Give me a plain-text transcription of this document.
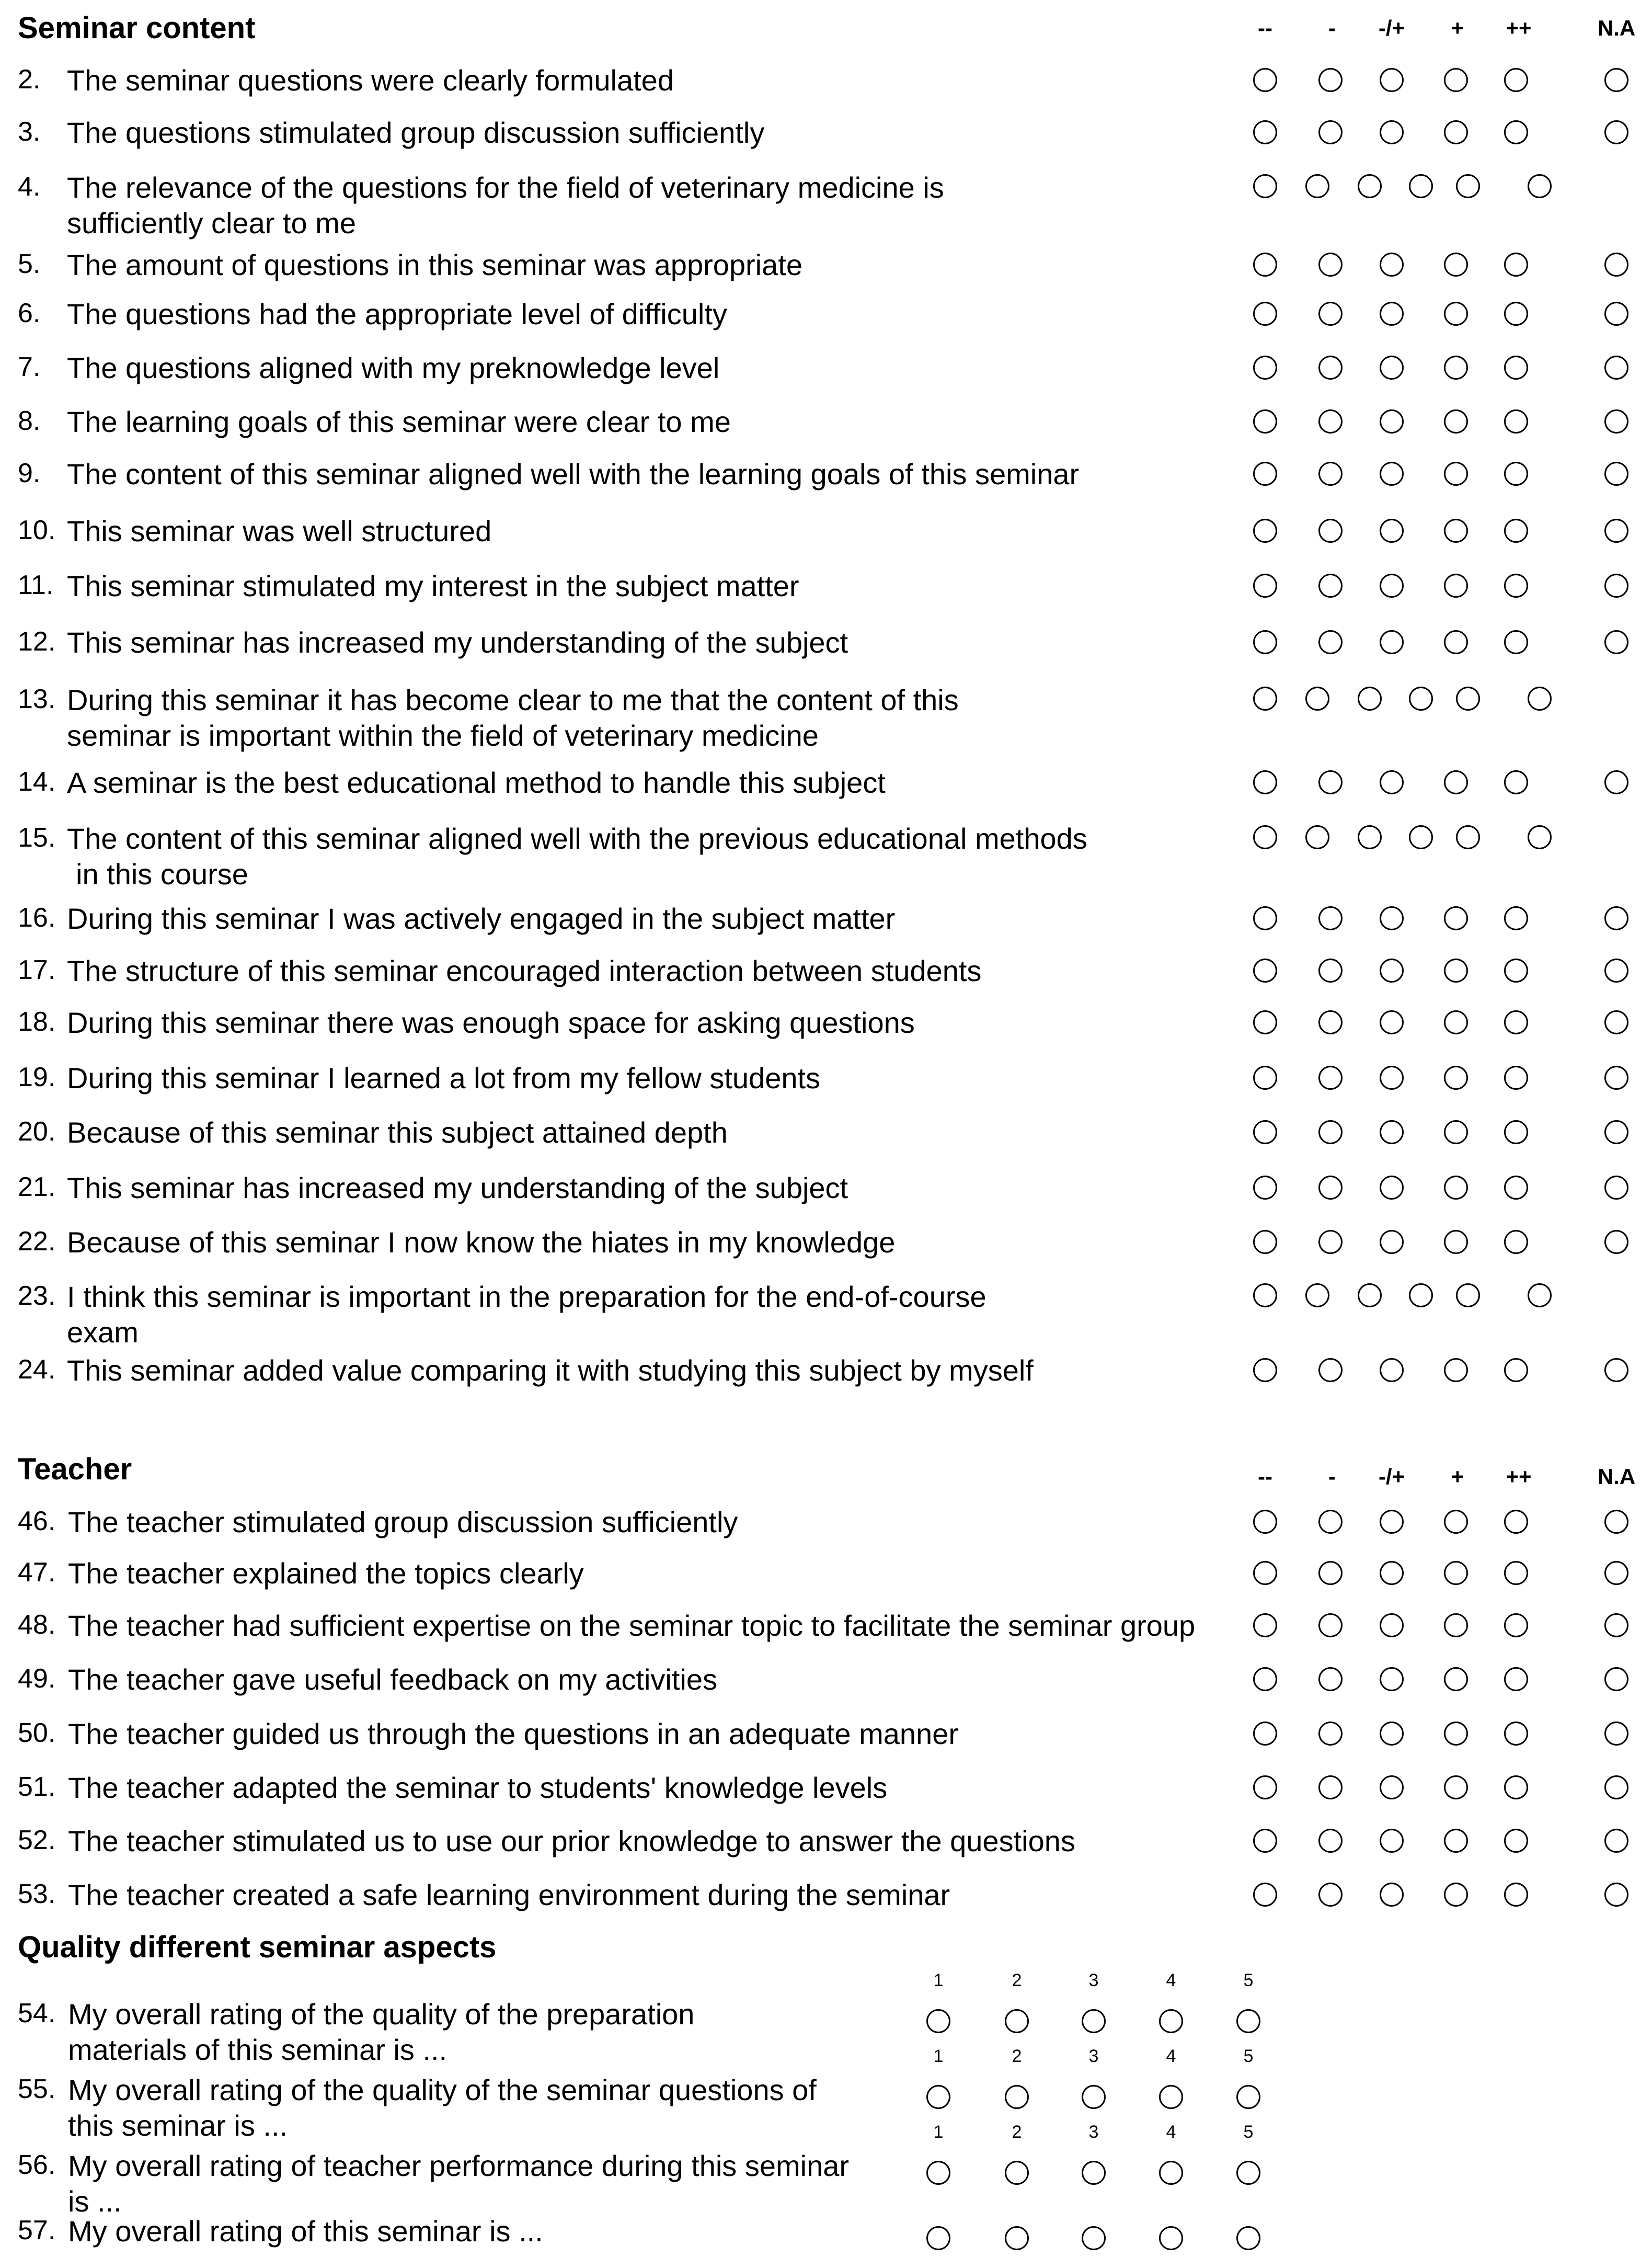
Seminar content
Teacher
Quality different seminar aspects
--	-	-/+	+	++	N.A
--	-	-/+	+	++	N.A
2. The seminar questions were clearly formulated
3. The questions stimulated group discussion sufficiently
4. The relevance of the questions for the field of veterinary medicine is
sufficiently clear to me
5. The amount of questions in this seminar was appropriate
6. The questions had the appropriate level of difficulty
7. The questions aligned with my preknowledge level
8. The learning goals of this seminar were clear to me
9. The content of this seminar aligned well with the learning goals of this seminar
10. This seminar was well structured
11. This seminar stimulated my interest in the subject matter
12. This seminar has increased my understanding of the subject
13. During this seminar it has become clear to me that the content of this
seminar is important within the field of veterinary medicine
14. A seminar is the best educational method to handle this subject
15. The content of this seminar aligned well with the previous educational methods
in this course
16. During this seminar I was actively engaged in the subject matter
17. The structure of this seminar encouraged interaction between students
18. During this seminar there was enough space for asking questions
19. During this seminar I learned a lot from my fellow students
20. Because of this seminar this subject attained depth
21. This seminar has increased my understanding of the subject
22. Because of this seminar I now know the hiates in my knowledge
23. I think this seminar is important in the preparation for the end-of-course
exam
24. This seminar added value comparing it with studying this subject by myself
46. The teacher stimulated group discussion sufficiently
47. The teacher explained the topics clearly
48. The teacher had sufficient expertise on the seminar topic to facilitate the seminar group
49. The teacher gave useful feedback on my activities
50. The teacher guided us through the questions in an adequate manner
51. The teacher adapted the seminar to students' knowledge levels
52. The teacher stimulated us to use our prior knowledge to answer the questions
53. The teacher created a safe learning environment during the seminar
54. My overall rating of the quality of the preparation
materials of this seminar is ...
1	2	3	4	5
55. My overall rating of the quality of the seminar questions of
this seminar is ...
1	2	3	4	5
56. My overall rating of teacher performance during this seminar
is ...
1	2	3	4	5
57. My overall rating of this seminar is ...
